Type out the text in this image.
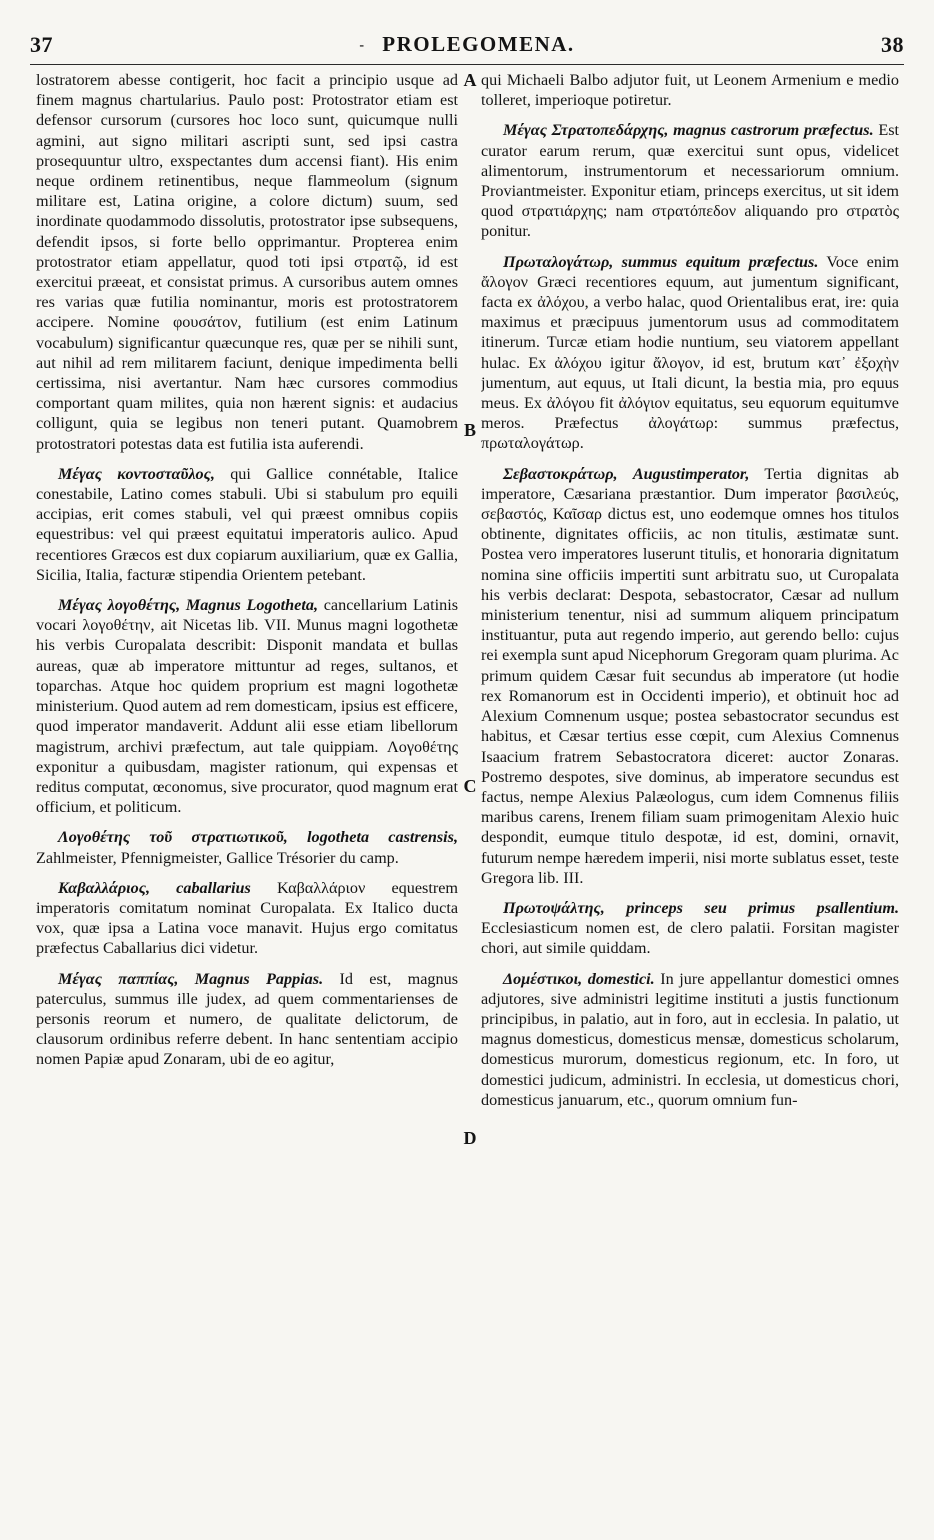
37	- PROLEGOMENA.	38
A
B
C
D

lostratorem abesse contigerit, hoc facit a principio usque ad finem magnus chartularius. Paulo post: Protostrator etiam est defensor cursorum (cursores hoc loco sunt, quicumque nulli agmini, aut signo militari ascripti sunt, sed ipsi castra prosequuntur ultro, exspectantes dum accensi fiant). His enim neque ordinem retinentibus, neque flammeolum (signum militare est, Latina origine, a colore dictum) suum, sed inordinate quodammodo dissolutis, protostrator ipse subsequens, defendit ipsos, si forte bello opprimantur. Propterea enim protostrator etiam appellatur, quod toti ipsi στρατῷ, id est exercitui præeat, et consistat primus. A cursoribus autem omnes res varias quæ futilia nominantur, moris est protostratorem accipere. Nomine φουσάτον, futilium (est enim Latinum vocabulum) significantur quæcunque res, quæ per se nihili sunt, aut nihil ad rem militarem faciunt, denique impedimenta belli certissima, nisi avertantur. Nam hæc cursores commodius comportant quam milites, quia non hærent signis: et audacius colligunt, quia se legibus non teneri putant. Quamobrem protostratori potestas data est futilia ista auferendi.

Μέγας κοντοσταῦλος, qui Gallice connétable, Italice conestabile, Latino comes stabuli. Ubi si stabulum pro equili accipias, erit comes stabuli, vel qui præest omnibus copiis equestribus: vel qui præest equitatui imperatoris aulico. Apud recentiores Græcos est dux copiarum auxiliarium, quæ ex Gallia, Sicilia, Italia, facturæ stipendia Orientem petebant.

Μέγας λογοθέτης, Magnus Logotheta, cancellarium Latinis vocari λογοθέτην, ait Nicetas lib. VII. Munus magni logothetæ his verbis Curopalata describit: Disponit mandata et bullas aureas, quæ ab imperatore mittuntur ad reges, sultanos, et toparchas. Atque hoc quidem proprium est magni logothetæ ministerium. Quod autem ad rem domesticam, ipsius est efficere, quod imperator mandaverit. Addunt alii esse etiam libellorum magistrum, archivi præfectum, aut tale quippiam. Λογοθέτης exponitur a quibusdam, magister rationum, qui expensas et reditus computat, œconomus, sive procurator, quod magnum erat officium, et politicum.

Λογοθέτης τοῦ στρατιωτικοῦ, logotheta castrensis, Zahlmeister, Pfennigmeister, Gallice Trésorier du camp.

Καβαλλάριος, caballarius Καβαλλάριον equestrem imperatoris comitatum nominat Curopalata. Ex Italico ducta vox, quæ ipsa a Latina voce manavit. Hujus ergo comitatus præfectus Caballarius dici videtur.

Μέγας παππίας, Magnus Pappias. Id est, magnus paterculus, summus ille judex, ad quem commentarienses de personis reorum et numero, de qualitate delictorum, de clausorum ordinibus referre debent. In hanc sententiam accipio nomen Papiæ apud Zonaram, ubi de eo agitur,

qui Michaeli Balbo adjutor fuit, ut Leonem Armenium e medio tolleret, imperioque potiretur.

Μέγας Στρατοπεδάρχης, magnus castrorum præfectus. Est curator earum rerum, quæ exercitui sunt opus, videlicet alimentorum, instrumentorum et necessariorum omnium. Proviantmeister. Exponitur etiam, princeps exercitus, ut sit idem quod στρατιάρχης; nam στρατόπεδον aliquando pro στρατὸς ponitur.

Πρωταλογάτωρ, summus equitum præfectus. Voce enim ἄλογον Græci recentiores equum, aut jumentum significant, facta ex ἀλόχου, a verbo halac, quod Orientalibus erat, ire: quia maximus et præcipuus jumentorum usus ad commoditatem itinerum. Turcæ etiam hodie nuntium, seu viatorem appellant hulac. Ex ἀλόχου igitur ἄλογον, id est, brutum κατ᾽ ἐξοχὴν jumentum, aut equus, ut Itali dicunt, la bestia mia, pro equus meus. Ex ἀλόγου fit ἀλόγιον equitatus, seu equorum equitumve meros. Præfectus ἀλογάτωρ: summus præfectus, πρωταλογάτωρ.

Σεβαστοκράτωρ, Augustimperator, Tertia dignitas ab imperatore, Cæsariana præstantior. Dum imperator βασιλεύς, σεβαστός, Καῖσαρ dictus est, uno eodemque omnes hos titulos obtinente, dignitates officiis, ac non titulis, æstimatæ sunt. Postea vero imperatores luserunt titulis, et honoraria dignitatum nomina sine officiis impertiti sunt arbitratu suo, ut Curopalata his verbis declarat: Despota, sebastocrator, Cæsar ad nullum ministerium tenentur, nisi ad summum aliquem principatum instituantur, puta aut regendo imperio, aut gerendo bello: cujus rei exempla sunt apud Nicephorum Gregoram quam plurima. Ac primum quidem Cæsar fuit secundus ab imperatore (ut hodie rex Romanorum est in Occidenti imperio), et obtinuit hoc ad Alexium Comnenum usque; postea sebastocrator secundus est habitus, et Cæsar tertius esse cœpit, cum Alexius Comnenus Isaacium fratrem Sebastocratora diceret: auctor Zonaras. Postremo despotes, sive dominus, ab imperatore secundus est factus, nempe Alexius Palæologus, cum idem Comnenus filiis maribus carens, Irenem filiam suam primogenitam Alexio huic despondit, eumque titulo despotæ, id est, domini, ornavit, futurum nempe hæredem imperii, nisi morte sublatus esset, teste Gregora lib. III.

Πρωτοψάλτης, princeps seu primus psallentium. Ecclesiasticum nomen est, de clero palatii. Forsitan magister chori, aut simile quiddam.

Δομέστικοι, domestici. In jure appellantur domestici omnes adjutores, sive administri legitime instituti a justis functionum principibus, in palatio, aut in foro, aut in ecclesia. In palatio, ut magnus domesticus, domesticus mensæ, domesticus scholarum, domesticus murorum, domesticus regionum, etc. In foro, ut domestici judicum, administri. In ecclesia, ut domesticus chori, domesticus januarum, etc., quorum omnium fun-
